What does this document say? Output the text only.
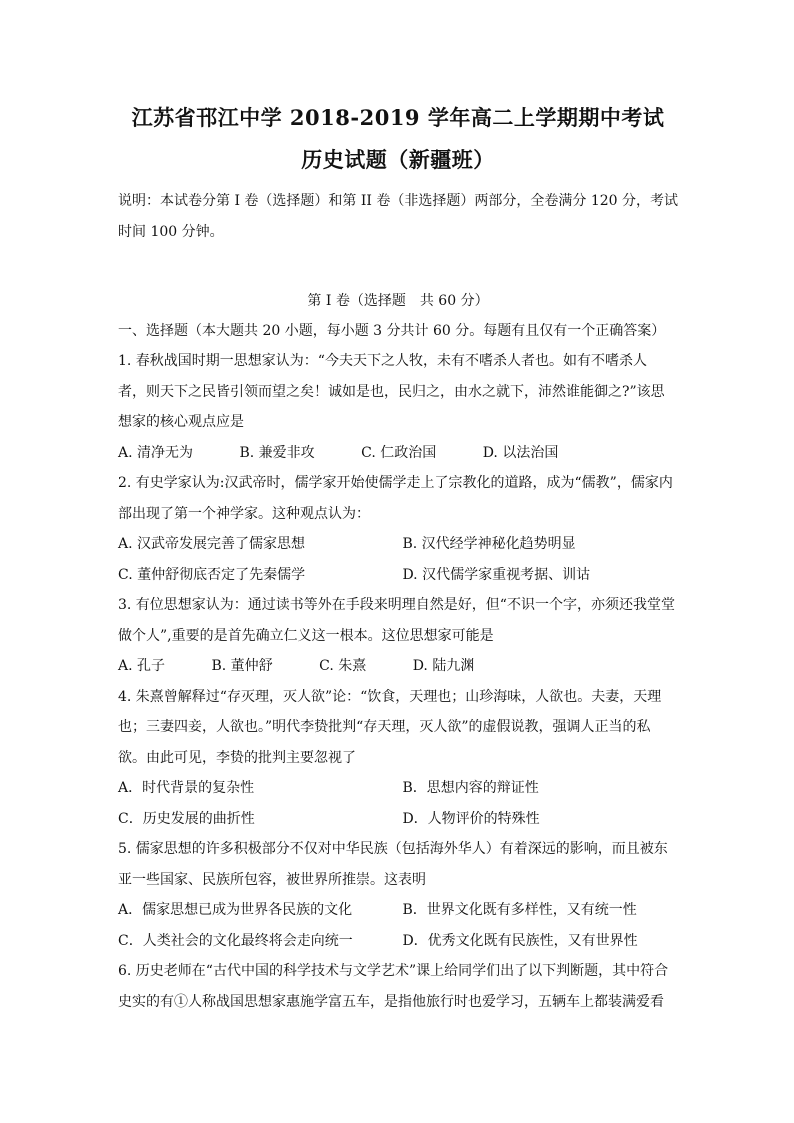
江苏省邗江中学 2018-2019 学年高二上学期期中考试
历史试题（新疆班）
说明：本试卷分第 I 卷（选择题）和第 II 卷（非选择题）两部分，全卷满分 120 分，考试时间 100 分钟。
第 I 卷（选择题　共 60 分）
一、选择题（本大题共 20 小题，每小题 3 分共计 60 分。每题有且仅有一个正确答案）
1. 春秋战国时期一思想家认为：“今夫天下之人牧，未有不嗜杀人者也。如有不嗜杀人 者，则天下之民皆引领而望之矣！诚如是也，民归之，由水之就下，沛然谁能御之?”该思想家的核心观点应是
A. 清净无为	B. 兼爱非攻	C. 仁政治国	D. 以法治国
2. 有史学家认为:汉武帝时，儒学家开始使儒学走上了宗教化的道路，成为“儒教”，儒家内部出现了第一个神学家。这种观点认为：
A. 汉武帝发展完善了儒家思想	B. 汉代经学神秘化趋势明显
C. 董仲舒彻底否定了先秦儒学	D. 汉代儒学家重视考据、训诂
3. 有位思想家认为：通过读书等外在手段来明理自然是好，但“不识一个字，亦须还我堂堂做个人”,重要的是首先确立仁义这一根本。这位思想家可能是
A. 孔子	B. 董仲舒	C. 朱熹	D. 陆九渊
4. 朱熹曾解释过“存灭理，灭人欲”论：“饮食，天理也；山珍海味，人欲也。夫妻，天理也；三妻四妾，人欲也。”明代李贽批判“存天理，灭人欲”的虚假说教，强调人正当的私欲。由此可见，李贽的批判主要忽视了
A．时代背景的复杂性	B．思想内容的辩证性
C．历史发展的曲折性	D．人物评价的特殊性
5. 儒家思想的许多积极部分不仅对中华民族（包括海外华人）有着深远的影响，而且被东亚一些国家、民族所包容，被世界所推崇。这表明
A．儒家思想已成为世界各民族的文化	B．世界文化既有多样性，又有统一性
C．人类社会的文化最终将会走向统一	D．优秀文化既有民族性，又有世界性
6. 历史老师在“古代中国的科学技术与文学艺术”课上给同学们出了以下判断题，其中符合史实的有①人称战国思想家惠施学富五车，是指他旅行时也爱学习，五辆车上都装满爱看
